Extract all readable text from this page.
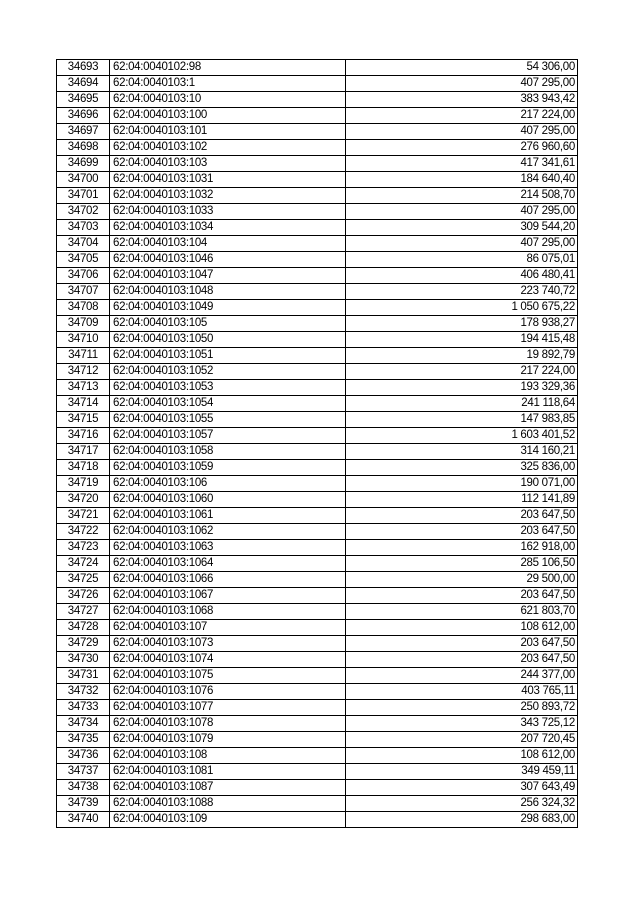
34693	62:04:0040102:98	54 306,00
34694	62:04:0040103:1	407 295,00
34695	62:04:0040103:10	383 943,42
34696	62:04:0040103:100	217 224,00
34697	62:04:0040103:101	407 295,00
34698	62:04:0040103:102	276 960,60
34699	62:04:0040103:103	417 341,61
34700	62:04:0040103:1031	184 640,40
34701	62:04:0040103:1032	214 508,70
34702	62:04:0040103:1033	407 295,00
34703	62:04:0040103:1034	309 544,20
34704	62:04:0040103:104	407 295,00
34705	62:04:0040103:1046	86 075,01
34706	62:04:0040103:1047	406 480,41
34707	62:04:0040103:1048	223 740,72
34708	62:04:0040103:1049	1 050 675,22
34709	62:04:0040103:105	178 938,27
34710	62:04:0040103:1050	194 415,48
34711	62:04:0040103:1051	19 892,79
34712	62:04:0040103:1052	217 224,00
34713	62:04:0040103:1053	193 329,36
34714	62:04:0040103:1054	241 118,64
34715	62:04:0040103:1055	147 983,85
34716	62:04:0040103:1057	1 603 401,52
34717	62:04:0040103:1058	314 160,21
34718	62:04:0040103:1059	325 836,00
34719	62:04:0040103:106	190 071,00
34720	62:04:0040103:1060	112 141,89
34721	62:04:0040103:1061	203 647,50
34722	62:04:0040103:1062	203 647,50
34723	62:04:0040103:1063	162 918,00
34724	62:04:0040103:1064	285 106,50
34725	62:04:0040103:1066	29 500,00
34726	62:04:0040103:1067	203 647,50
34727	62:04:0040103:1068	621 803,70
34728	62:04:0040103:107	108 612,00
34729	62:04:0040103:1073	203 647,50
34730	62:04:0040103:1074	203 647,50
34731	62:04:0040103:1075	244 377,00
34732	62:04:0040103:1076	403 765,11
34733	62:04:0040103:1077	250 893,72
34734	62:04:0040103:1078	343 725,12
34735	62:04:0040103:1079	207 720,45
34736	62:04:0040103:108	108 612,00
34737	62:04:0040103:1081	349 459,11
34738	62:04:0040103:1087	307 643,49
34739	62:04:0040103:1088	256 324,32
34740	62:04:0040103:109	298 683,00
